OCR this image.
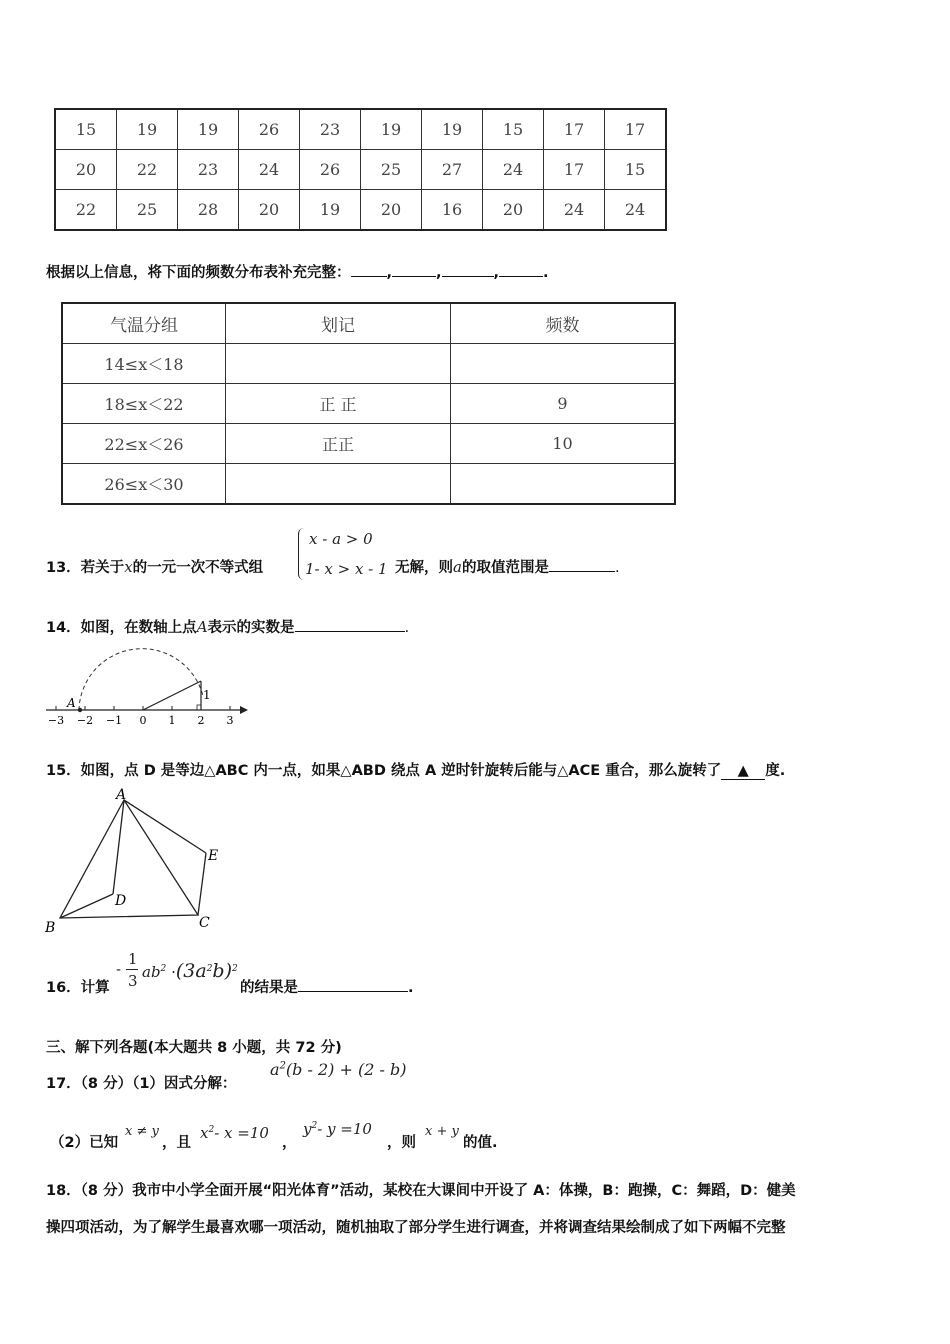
15	19	19	26	23	19	19	15	17	17
20	22	23	24	26	25	27	24	17	15
22	25	28	20	19	20	16	20	24	24
根据以上信息，将下面的频数分布表补充完整： ,	,	,	.
气温分组	划记	频数
14≤x＜18		
18≤x＜22	正 正	9
22≤x＜26	正正	10
26≤x＜30		
13．若关于x的一元一次不等式组
x - a > 0
1- x > x - 1 无解，则a的取值范围是	.
14．如图，在数轴上点A表示的实数是	.
A
1
−3 −2 −1 0 1 2 3
15．如图，点 D 是等边△ABC 内一点，如果△ABD 绕点 A 逆时针旋转后能与△ACE 重合，那么旋转了 ▲ 度.
A
B	C
D
E
16．计算
-
1
3 $ab^2 \cdot(3a^2b)^2$
的结果是	.
三、解下列各题(本大题共 8 小题，共 72 分)
17．（8 分）（1）因式分解：
$a^2(b - 2) + (2 - b)$
（2）已知
x ≠ y
，且
$x^2-$ x =10
，
$y^2-$ y =10
，则
x + y
的值.
18．（8 分）我市中小学全面开展“阳光体育”活动，某校在大课间中开设了 A：体操，B：跑操，C：舞蹈，D：健美
操四项活动，为了解学生最喜欢哪一项活动，随机抽取了部分学生进行调查，并将调查结果绘制成了如下两幅不完整
